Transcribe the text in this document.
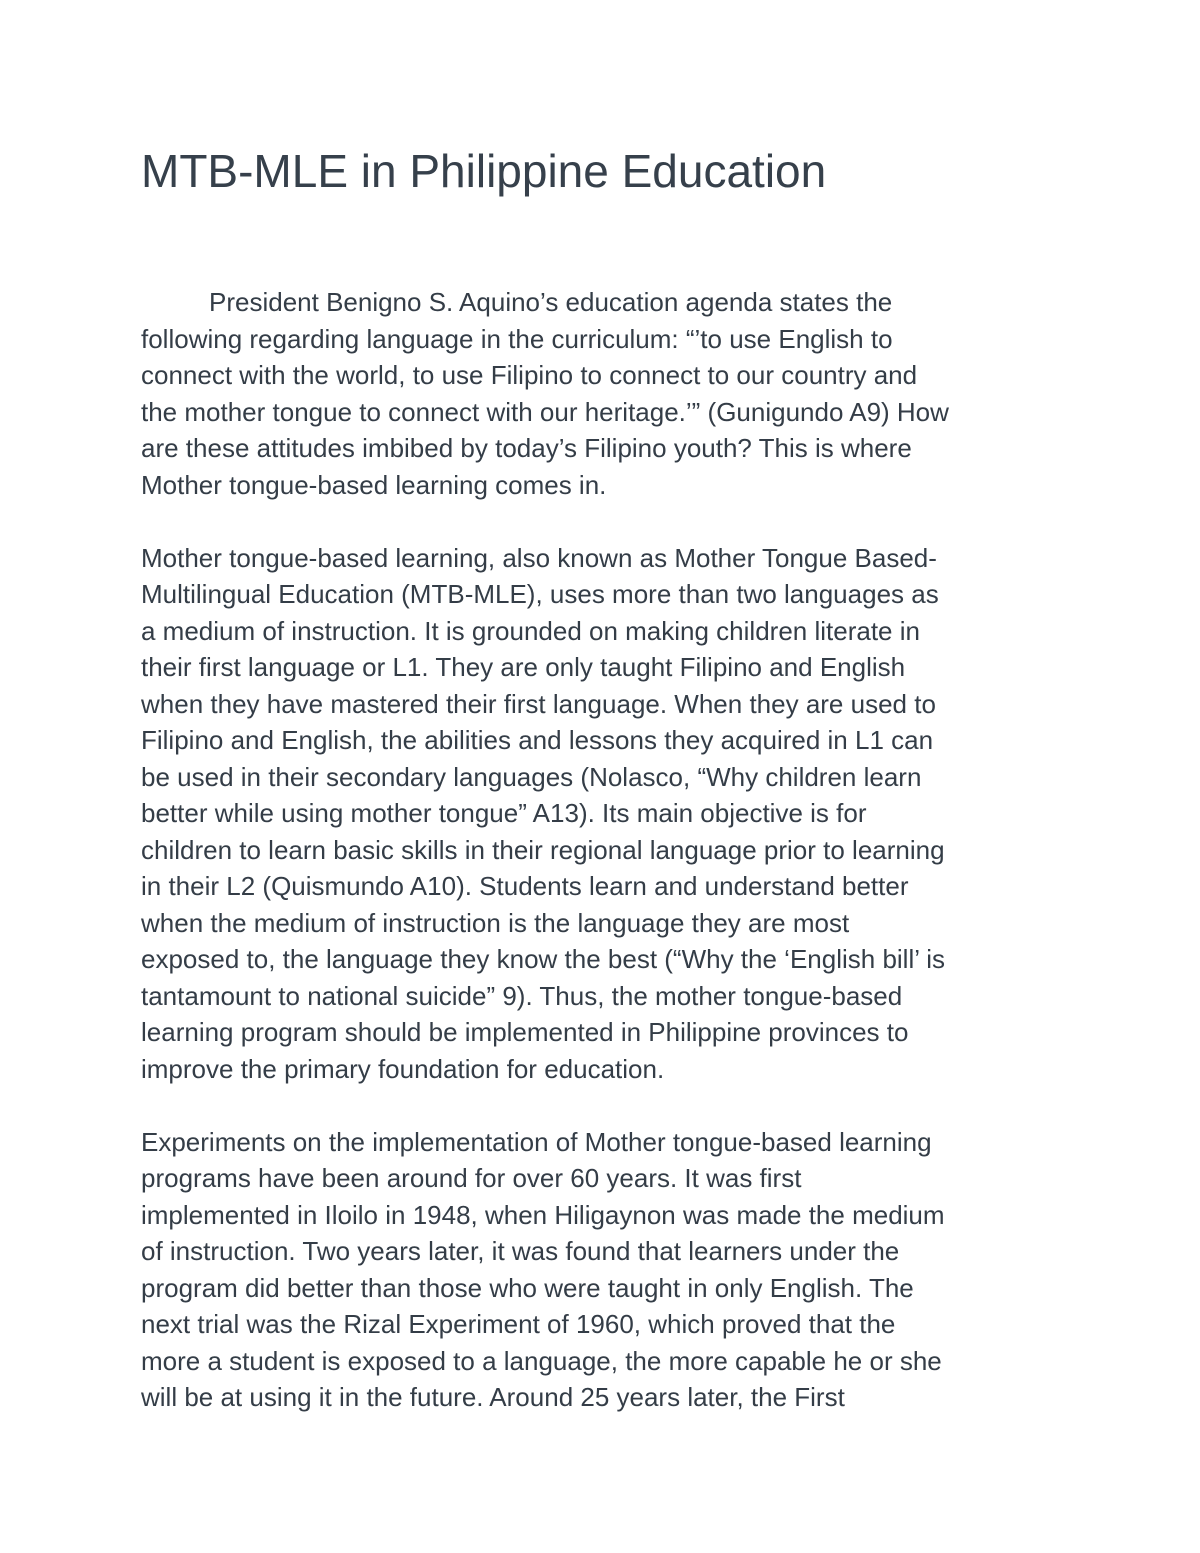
MTB-MLE in Philippine Education
President Benigno S. Aquino’s education agenda states the
following regarding language in the curriculum: “’to use English to
connect with the world, to use Filipino to connect to our country and
the mother tongue to connect with our heritage.’” (Gunigundo A9) How
are these attitudes imbibed by today’s Filipino youth? This is where
Mother tongue-based learning comes in.
Mother tongue-based learning, also known as Mother Tongue Based-
Multilingual Education (MTB-MLE), uses more than two languages as
a medium of instruction. It is grounded on making children literate in
their first language or L1. They are only taught Filipino and English
when they have mastered their first language. When they are used to
Filipino and English, the abilities and lessons they acquired in L1 can
be used in their secondary languages (Nolasco, “Why children learn
better while using mother tongue” A13). Its main objective is for
children to learn basic skills in their regional language prior to learning
in their L2 (Quismundo A10). Students learn and understand better
when the medium of instruction is the language they are most
exposed to, the language they know the best (“Why the ‘English bill’ is
tantamount to national suicide” 9). Thus, the mother tongue-based
learning program should be implemented in Philippine provinces to
improve the primary foundation for education.
Experiments on the implementation of Mother tongue-based learning
programs have been around for over 60 years. It was first
implemented in Iloilo in 1948, when Hiligaynon was made the medium
of instruction. Two years later, it was found that learners under the
program did better than those who were taught in only English. The
next trial was the Rizal Experiment of 1960, which proved that the
more a student is exposed to a language, the more capable he or she
will be at using it in the future. Around 25 years later, the First
